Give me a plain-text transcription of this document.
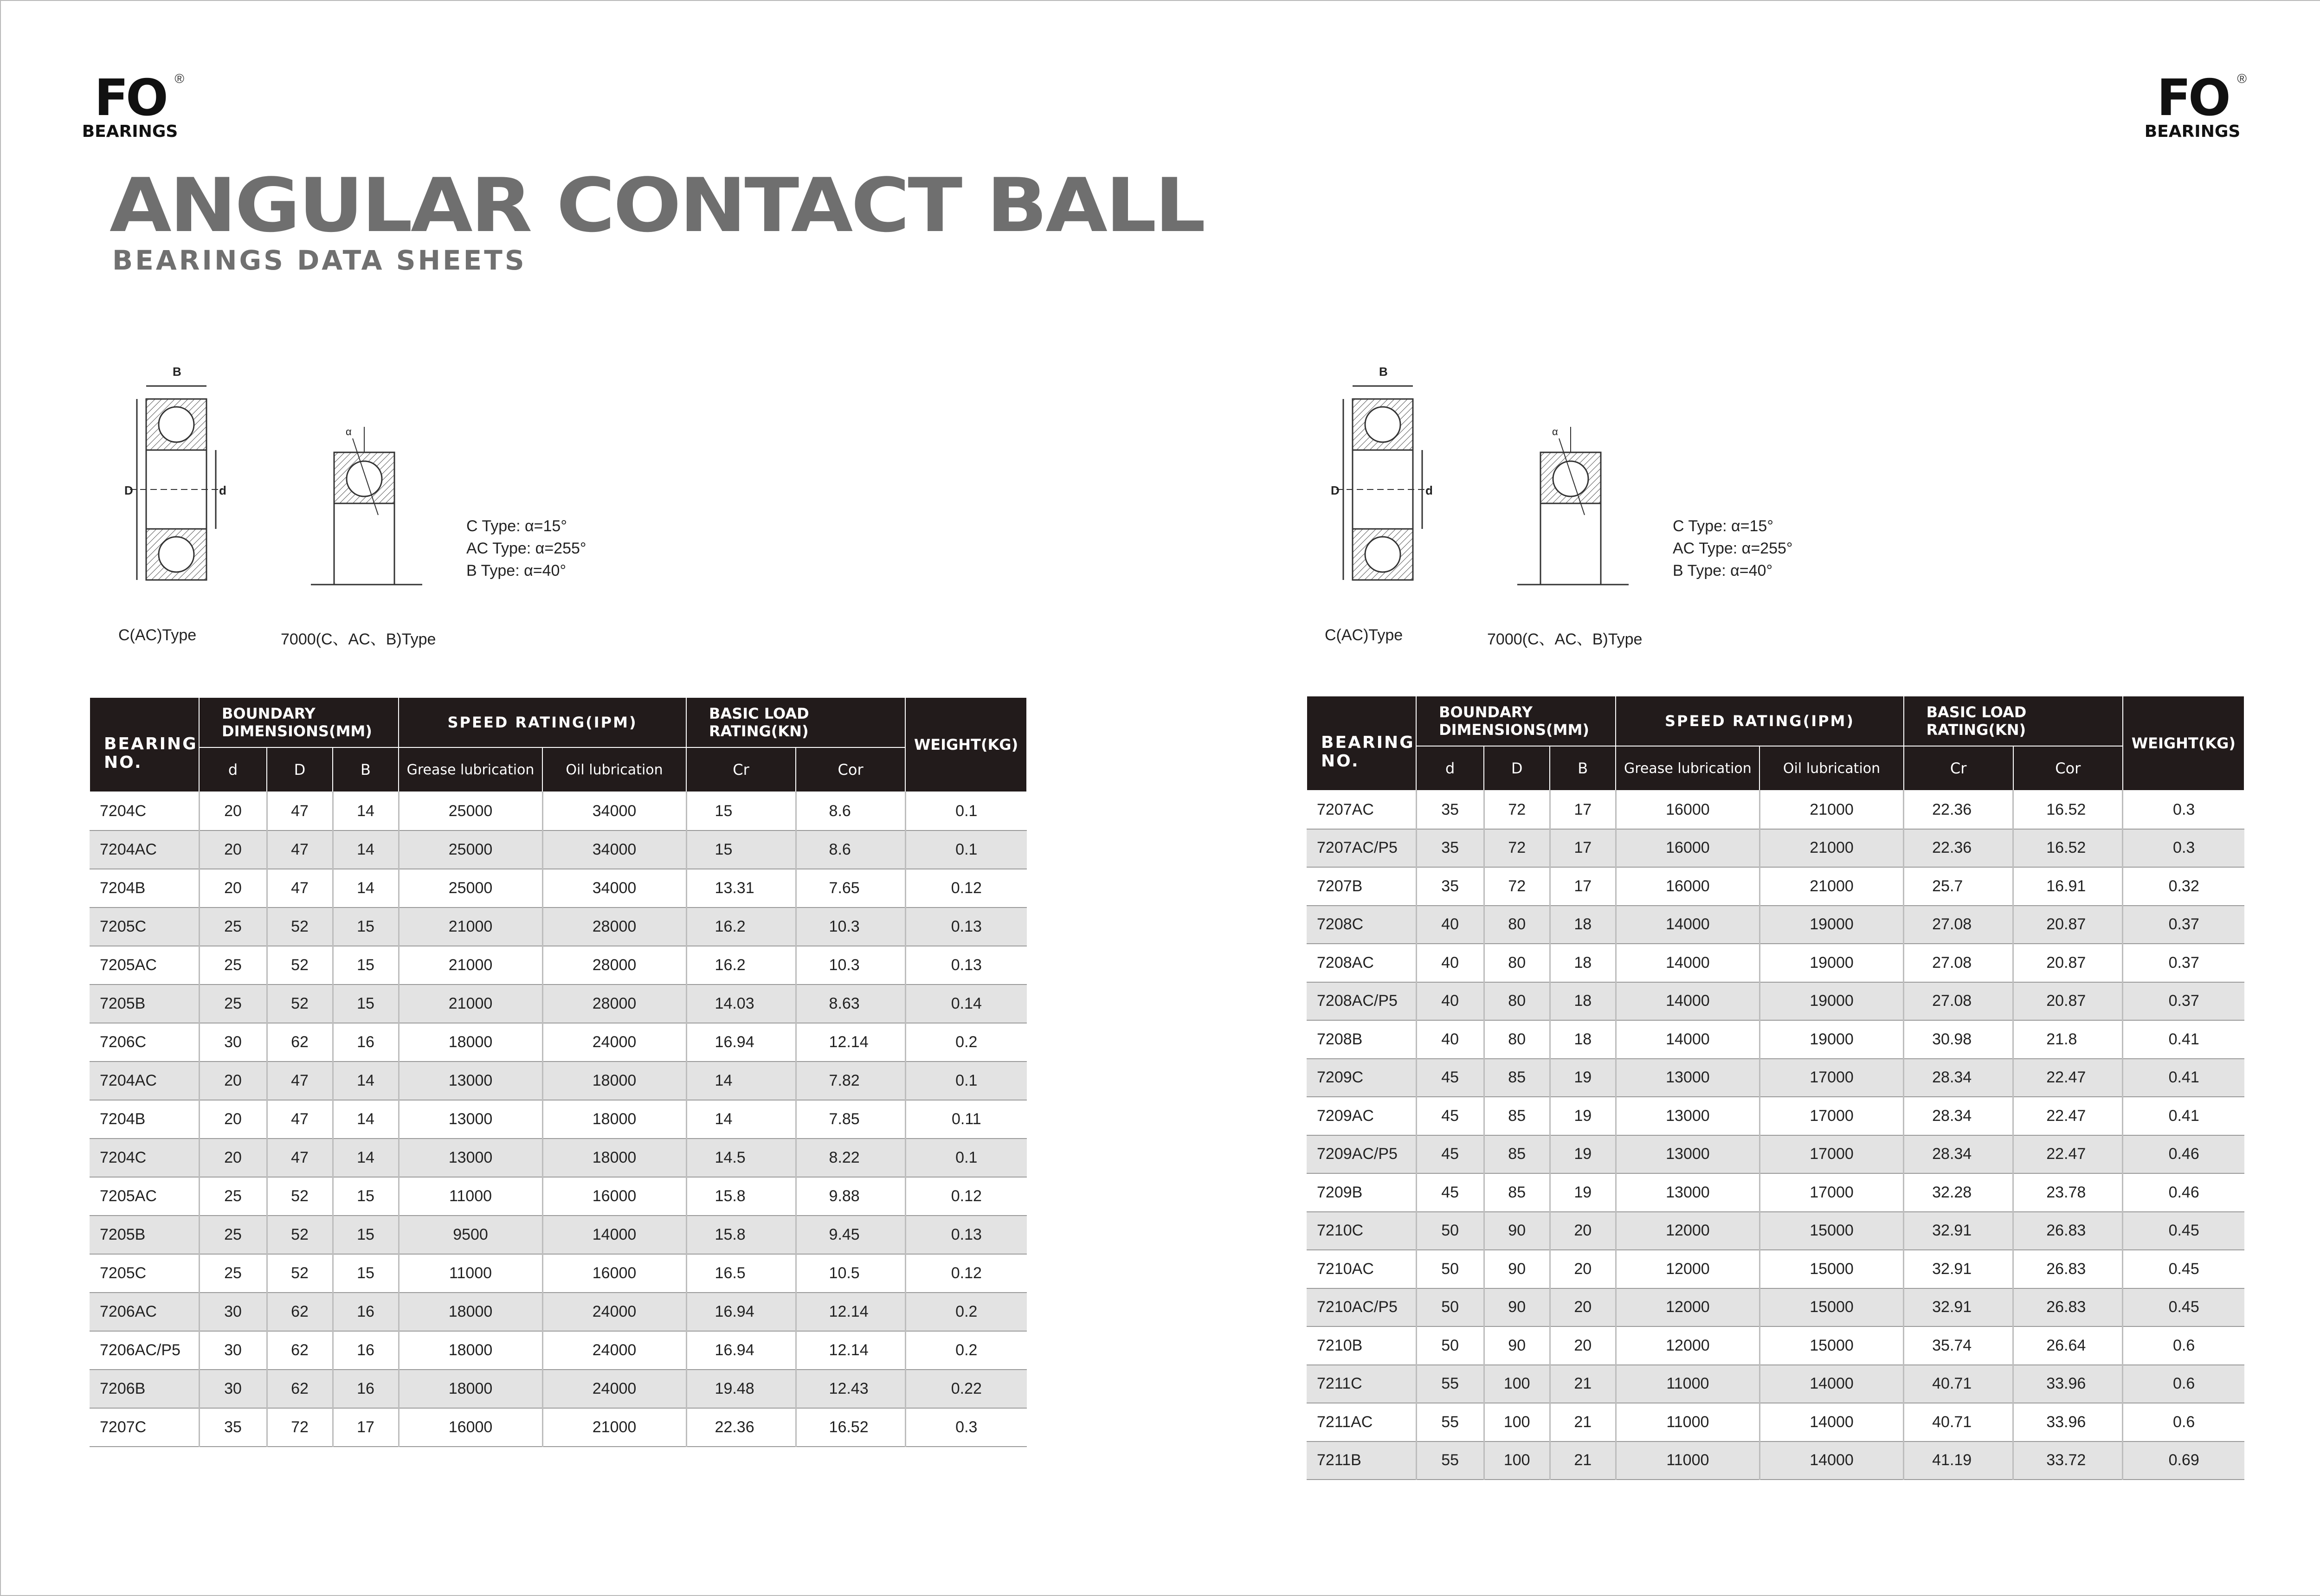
FO ®
BEARINGS
FO ®
BEARINGS
ANGULAR CONTACT BALL
BEARINGS DATA SHEETS
B
D	d
α
C(AC)Type	7000(C、AC、B)Type
C Type: α=15°
AC Type: α=255°
B Type: α=40°
B
D	d
α
C(AC)Type	7000(C、AC、B)Type
C Type: α=15°
AC Type: α=255°
B Type: α=40°
BEARING NO.	BOUNDARY DIMENSIONS(MM)			SPEED RATING(IPM)		BASIC LOAD RATING(KN)		WEIGHT(KG)
	d	D	B	Grease lubrication	Oil lubrication	Cr	Cor	
7204C	20	47	14	25000	34000	15	8.6	0.1
7204AC	20	47	14	25000	34000	15	8.6	0.1
7204B	20	47	14	25000	34000	13.31	7.65	0.12
7205C	25	52	15	21000	28000	16.2	10.3	0.13
7205AC	25	52	15	21000	28000	16.2	10.3	0.13
7205B	25	52	15	21000	28000	14.03	8.63	0.14
7206C	30	62	16	18000	24000	16.94	12.14	0.2
7204AC	20	47	14	13000	18000	14	7.82	0.1
7204B	20	47	14	13000	18000	14	7.85	0.11
7204C	20	47	14	13000	18000	14.5	8.22	0.1
7205AC	25	52	15	11000	16000	15.8	9.88	0.12
7205B	25	52	15	9500	14000	15.8	9.45	0.13
7205C	25	52	15	11000	16000	16.5	10.5	0.12
7206AC	30	62	16	18000	24000	16.94	12.14	0.2
7206AC/P5	30	62	16	18000	24000	16.94	12.14	0.2
7206B	30	62	16	18000	24000	19.48	12.43	0.22
7207C	35	72	17	16000	21000	22.36	16.52	0.3
BEARING NO.	BOUNDARY DIMENSIONS(MM)			SPEED RATING(IPM)		BASIC LOAD RATING(KN)		WEIGHT(KG)
	d	D	B	Grease lubrication	Oil lubrication	Cr	Cor	
7207AC	35	72	17	16000	21000	22.36	16.52	0.3
7207AC/P5	35	72	17	16000	21000	22.36	16.52	0.3
7207B	35	72	17	16000	21000	25.7	16.91	0.32
7208C	40	80	18	14000	19000	27.08	20.87	0.37
7208AC	40	80	18	14000	19000	27.08	20.87	0.37
7208AC/P5	40	80	18	14000	19000	27.08	20.87	0.37
7208B	40	80	18	14000	19000	30.98	21.8	0.41
7209C	45	85	19	13000	17000	28.34	22.47	0.41
7209AC	45	85	19	13000	17000	28.34	22.47	0.41
7209AC/P5	45	85	19	13000	17000	28.34	22.47	0.46
7209B	45	85	19	13000	17000	32.28	23.78	0.46
7210C	50	90	20	12000	15000	32.91	26.83	0.45
7210AC	50	90	20	12000	15000	32.91	26.83	0.45
7210AC/P5	50	90	20	12000	15000	32.91	26.83	0.45
7210B	50	90	20	12000	15000	35.74	26.64	0.6
7211C	55	100	21	11000	14000	40.71	33.96	0.6
7211AC	55	100	21	11000	14000	40.71	33.96	0.6
7211B	55	100	21	11000	14000	41.19	33.72	0.69
